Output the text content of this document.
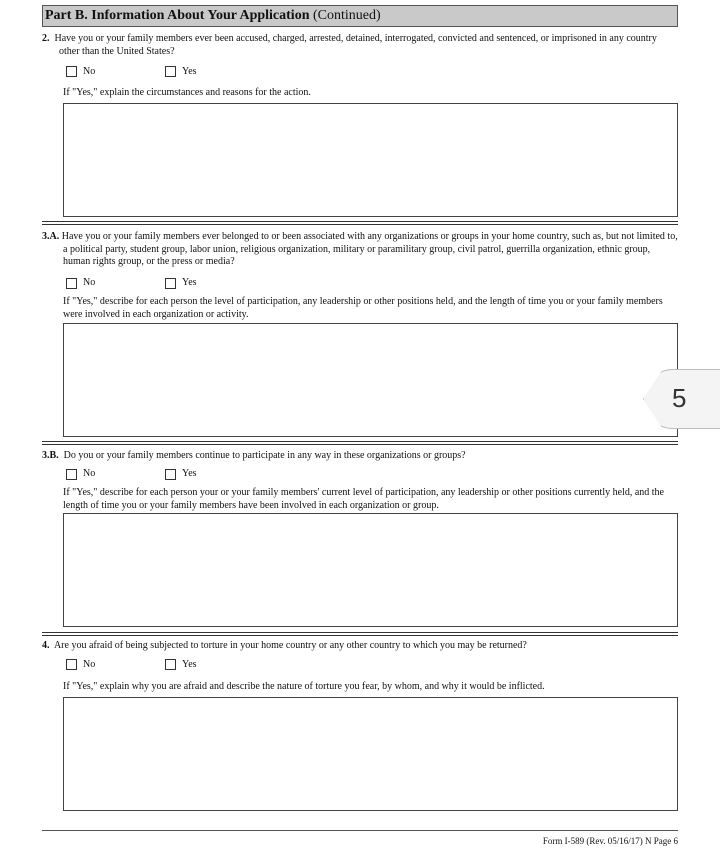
Part B. Information About Your Application (Continued)
2. Have you or your family members ever been accused, charged, arrested, detained, interrogated, convicted and sentenced, or imprisoned in any country other than the United States?
No	Yes
If "Yes," explain the circumstances and reasons for the action.
3.A. Have you or your family members ever belonged to or been associated with any organizations or groups in your home country, such as, but not limited to, a political party, student group, labor union, religious organization, military or paramilitary group, civil patrol, guerrilla organization, ethnic group, human rights group, or the press or media?
No	Yes
If "Yes," describe for each person the level of participation, any leadership or other positions held, and the length of time you or your family members were involved in each organization or activity.
3.B. Do you or your family members continue to participate in any way in these organizations or groups?
No	Yes
If "Yes," describe for each person your or your family members' current level of participation, any leadership or other positions currently held, and the length of time you or your family members have been involved in each organization or group.
4. Are you afraid of being subjected to torture in your home country or any other country to which you may be returned?
No	Yes
If "Yes," explain why you are afraid and describe the nature of torture you fear, by whom, and why it would be inflicted.
5
Form I-589 (Rev. 05/16/17) N Page 6
